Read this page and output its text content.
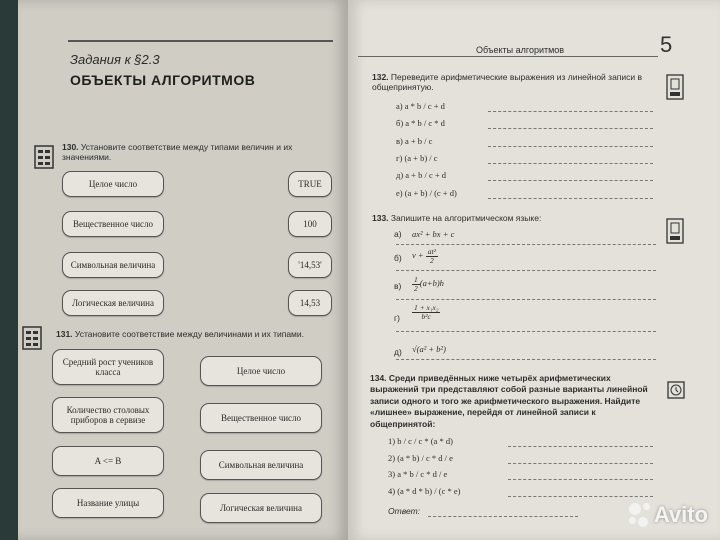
Задания к §2.3
ОБЪЕКТЫ АЛГОРИТМОВ
130. Установите соответствие между типами величин и их значениями.
Целое число
Вещественное число
Символьная величина
Логическая величина
TRUE
100
'14,53'
14,53
131. Установите соответствие между величинами и их типами.
Средний рост учеников класса
Количество столовых приборов в сервизе
A <= B
Название улицы
Целое число
Вещественное число
Символьная величина
Логическая величина
Объекты алгоритмов	5
132. Переведите арифметические выражения из линейной записи в общепринятую.
а) a * b / c + d
б) a * b / c * d
в) a + b / c
г) (a + b) / c
д) a + b / c + d
е) (a + b) / (c + d)
133. Запишите на алгоритмическом языке:
а) ax² + bx + c
б) $v + \frac{\text{at²}}{2}$
$в) \frac{1}{2} (a+b)h$
$г) \frac{\text{1 + x₁x₂}}{\text{b²c}}$
д) √(a² + b²)
134. Среди приведённых ниже четырёх арифметических выражений три представляют собой разные варианты линейной записи одного и того же арифметического выражения. Найдите «лишнее» выражение, перейдя от линейной записи к общепринятой:
1) b / c / c * (a * d)
2) (a * b) / c * d / e
3) a * b / c * d / e
4) (a * d * b) / (c * e)
Ответ:	Avito
